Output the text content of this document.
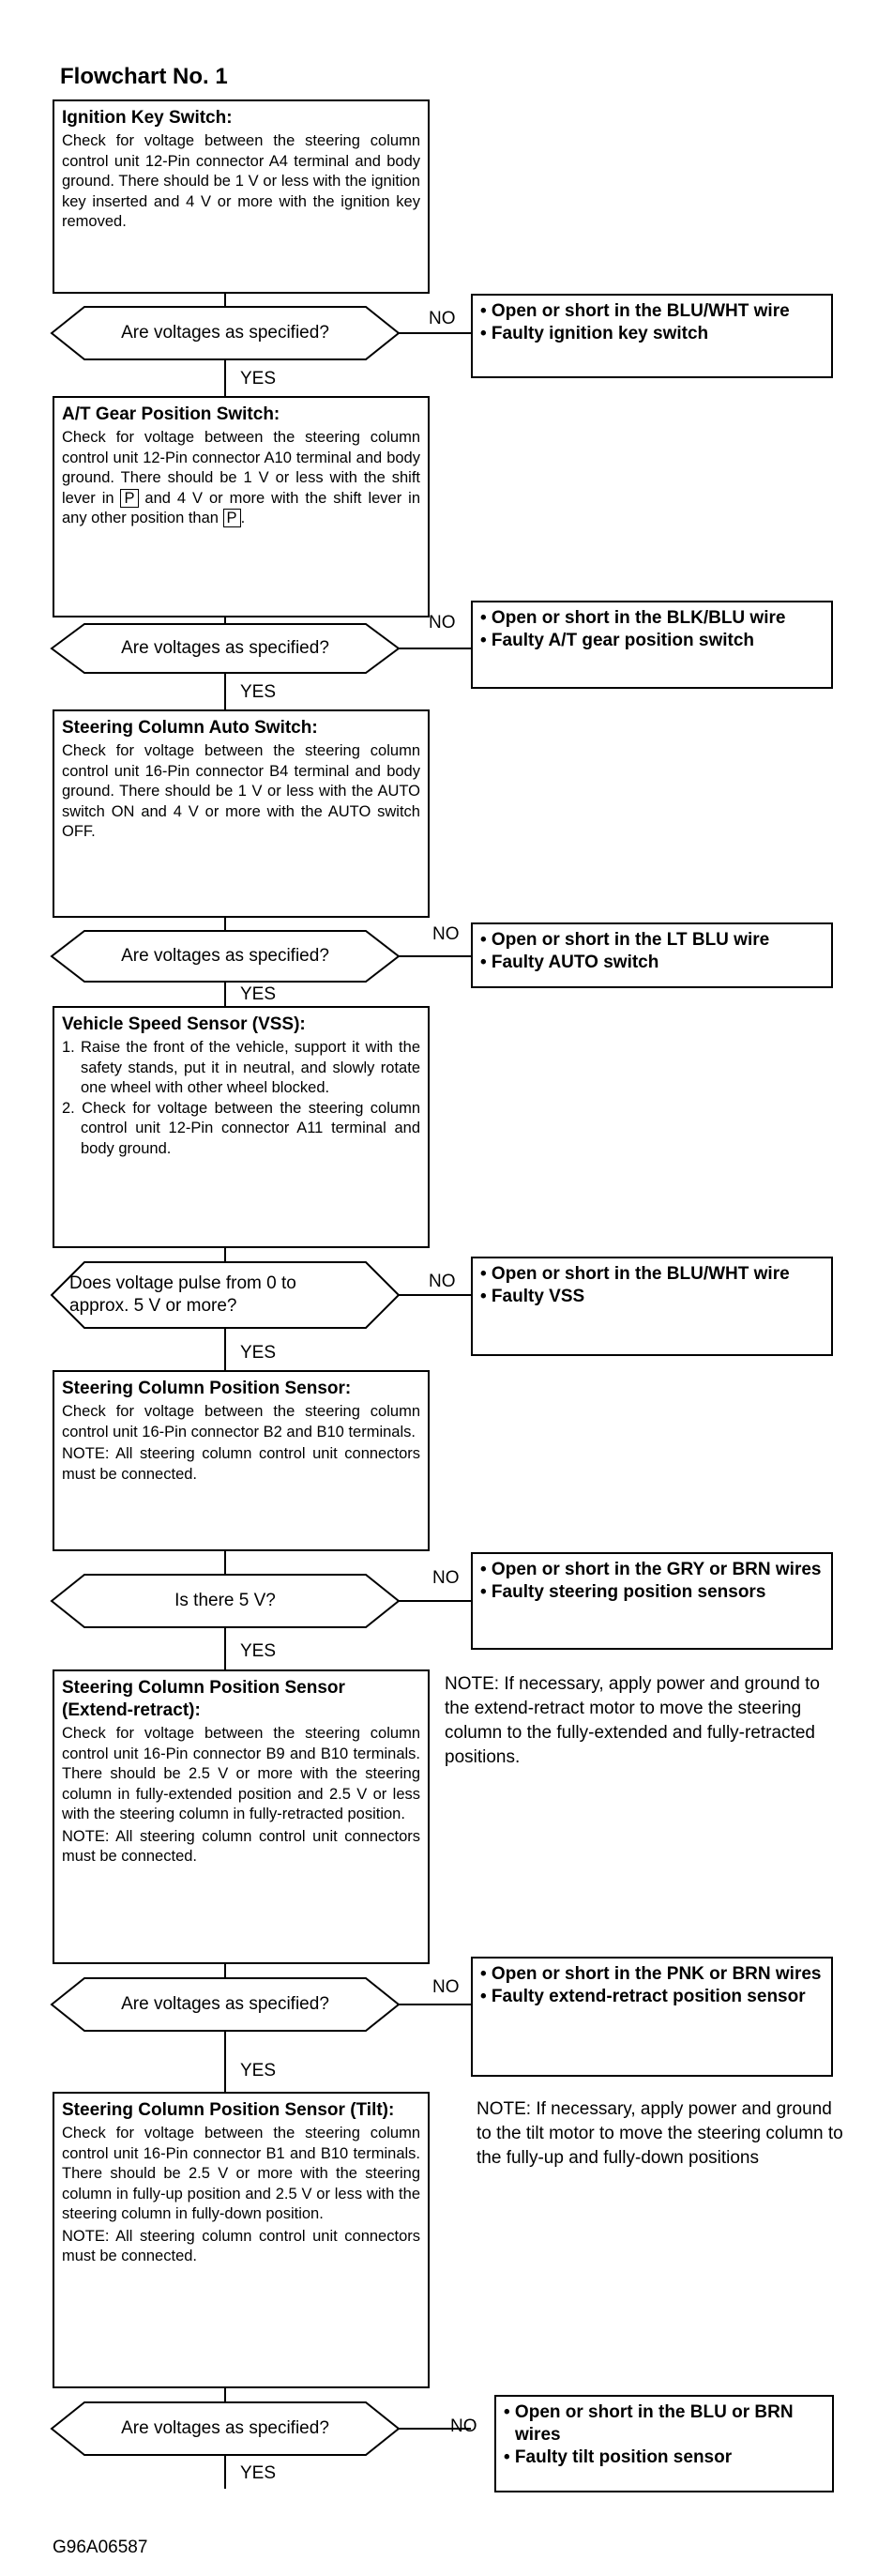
Flowchart No. 1
Ignition Key Switch:

Check for voltage between the steering column control unit 12-Pin connector A4 terminal and body ground. There should be 1 V or less with the ignition key inserted and 4 V or more with the ignition key removed.

Are voltages as specified?
NO • Open or short in the BLU/WHT wire
• Faulty ignition key switch
YES
A/T Gear Position Switch:

Check for voltage between the steering column control unit 12-Pin connector A10 terminal and body ground. There should be 1 V or less with the shift lever in P and 4 V or more with the shift lever in any other position than P .

Are voltages as specified?
NO • Open or short in the BLK/BLU wire
• Faulty A/T gear position switch
YES
Steering Column Auto Switch:

Check for voltage between the steering column control unit 16-Pin connector B4 terminal and body ground. There should be 1 V or less with the AUTO switch ON and 4 V or more with the AUTO switch OFF.

Are voltages as specified?
NO • Open or short in the LT BLU wire
• Faulty AUTO switch
YES
Vehicle Speed Sensor (VSS):
1. Raise the front of the vehicle, support it with the safety stands, put it in neutral, and slowly rotate one wheel with other wheel blocked.
2. Check for voltage between the steering column control unit 12-Pin connector A11 terminal and body ground.
Does voltage pulse from 0 to
approx. 5 V or more?
NO • Open or short in the BLU/WHT wire
• Faulty VSS
YES
Steering Column Position Sensor:

Check for voltage between the steering column control unit 16-Pin connector B2 and B10 terminals.

NOTE: All steering column control unit connectors must be connected.

Is there 5 V?
NO • Open or short in the GRY or BRN wires
• Faulty steering position sensors
YES
Steering Column Position Sensor (Extend-retract):

Check for voltage between the steering column control unit 16-Pin connector B9 and B10 terminals. There should be 2.5 V or more with the steering column in fully-extended position and 2.5 V or less with the steering column in fully-retracted position.

NOTE: All steering column control unit connectors must be connected.

NOTE: If necessary, apply power and ground to the extend-retract motor to move the steering column to the fully-extended and fully-retracted positions.
Are voltages as specified?
NO
• Open or short in the PNK or BRN wires
• Faulty extend-retract position sensor
YES
Steering Column Position Sensor (Tilt):

Check for voltage between the steering column control unit 16-Pin connector B1 and B10 terminals. There should be 2.5 V or more with the steering column in fully-up position and 2.5 V or less with the steering column in fully-down position.

NOTE: All steering column control unit connectors must be connected.

NOTE: If necessary, apply power and ground to the tilt motor to move the steering column to the fully-up and fully-down positions
Are voltages as specified?	NO
• Open or short in the BLU or BRN wires
• Faulty tilt position sensor
YES
G96A06587
